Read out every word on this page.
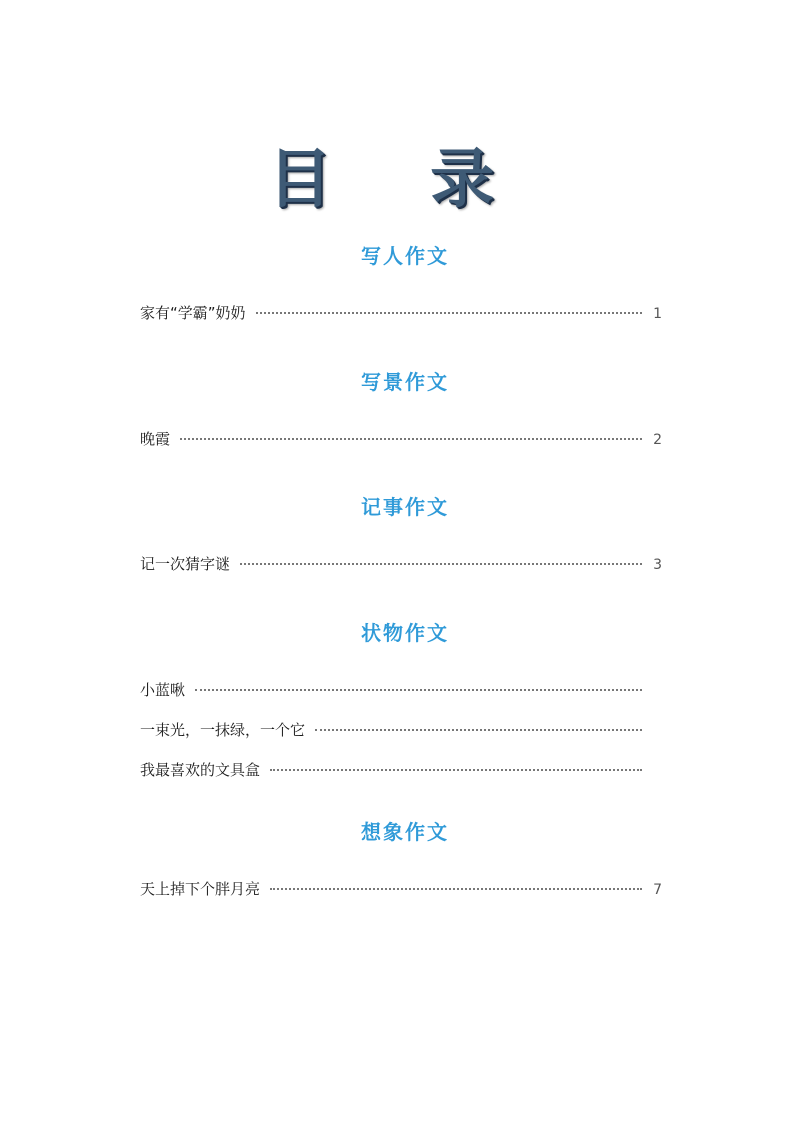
目 录
写人作文
家有“学霸”奶奶	1
写景作文
晚霞	2
记事作文
记一次猜字谜	3
状物作文
小蓝啾
一束光，一抹绿，一个它
我最喜欢的文具盒
想象作文
天上掉下个胖月亮	7
